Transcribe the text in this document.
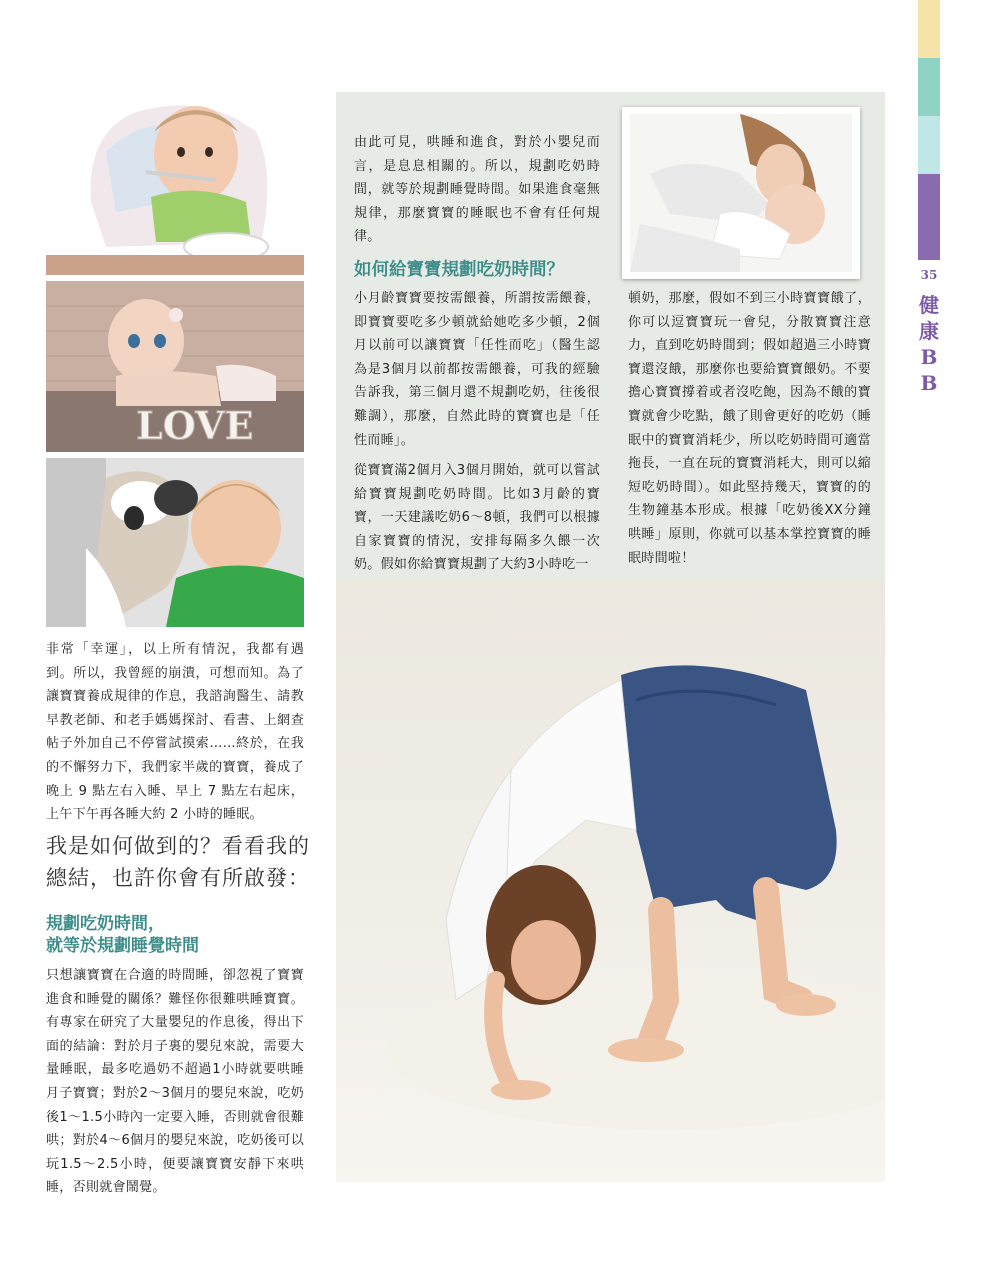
35
健
康
B
B
由此可見，哄睡和進食，對於小嬰兒而言，是息息相關的。所以，規劃吃奶時間，就等於規劃睡覺時間。如果進食毫無規律，那麼寶寶的睡眠也不會有任何規律。
如何給寶寶規劃吃奶時間？
小月齡寶寶要按需餵養，所謂按需餵養，即寶寶要吃多少頓就給她吃多少頓，2個月以前可以讓寶寶「任性而吃」（醫生認為是3個月以前都按需餵養，可我的經驗告訴我，第三個月還不規劃吃奶，往後很難調），那麼，自然此時的寶寶也是「任性而睡」。
從寶寶滿2個月入3個月開始，就可以嘗試給寶寶規劃吃奶時間。比如3月齡的寶寶，一天建議吃奶6～8頓，我們可以根據自家寶寶的情況，安排每隔多久餵一次奶。假如你給寶寶規劃了大約3小時吃一
頓奶，那麼，假如不到三小時寶寶餓了，你可以逗寶寶玩一會兒，分散寶寶注意力，直到吃奶時間到；假如超過三小時寶寶還沒餓，那麼你也要給寶寶餵奶。不要擔心寶寶撐着或者沒吃飽，因為不餓的寶寶就會少吃點，餓了則會更好的吃奶（睡眠中的寶寶消耗少，所以吃奶時間可適當拖長，一直在玩的寶寶消耗大，則可以縮短吃奶時間）。如此堅持幾天，寶寶的的生物鐘基本形成。根據「吃奶後XX分鐘哄睡」原則，你就可以基本掌控寶寶的睡眠時間啦！
LOVE
非常「幸運」，以上所有情況，我都有遇到。所以，我曾經的崩潰，可想而知。為了讓寶寶養成規律的作息，我諮詢醫生、請教早教老師、和老手媽媽探討、看書、上網查帖子外加自己不停嘗試摸索……終於，在我的不懈努力下，我們家半歲的寶寶，養成了晚上 9 點左右入睡、早上 7 點左右起床，上午下午再各睡大約 2 小時的睡眠。
我是如何做到的？看看我的
總結，也許你會有所啟發：
規劃吃奶時間，
就等於規劃睡覺時間
只想讓寶寶在合適的時間睡，卻忽視了寶寶進食和睡覺的關係？難怪你很難哄睡寶寶。有專家在研究了大量嬰兒的作息後，得出下面的結論：對於月子裏的嬰兒來說，需要大量睡眠，最多吃過奶不超過1小時就要哄睡月子寶寶；對於2～3個月的嬰兒來說，吃奶後1～1.5小時內一定要入睡，否則就會很難哄；對於4～6個月的嬰兒來說，吃奶後可以玩1.5～2.5小時，便要讓寶寶安靜下來哄睡，否則就會鬧覺。
